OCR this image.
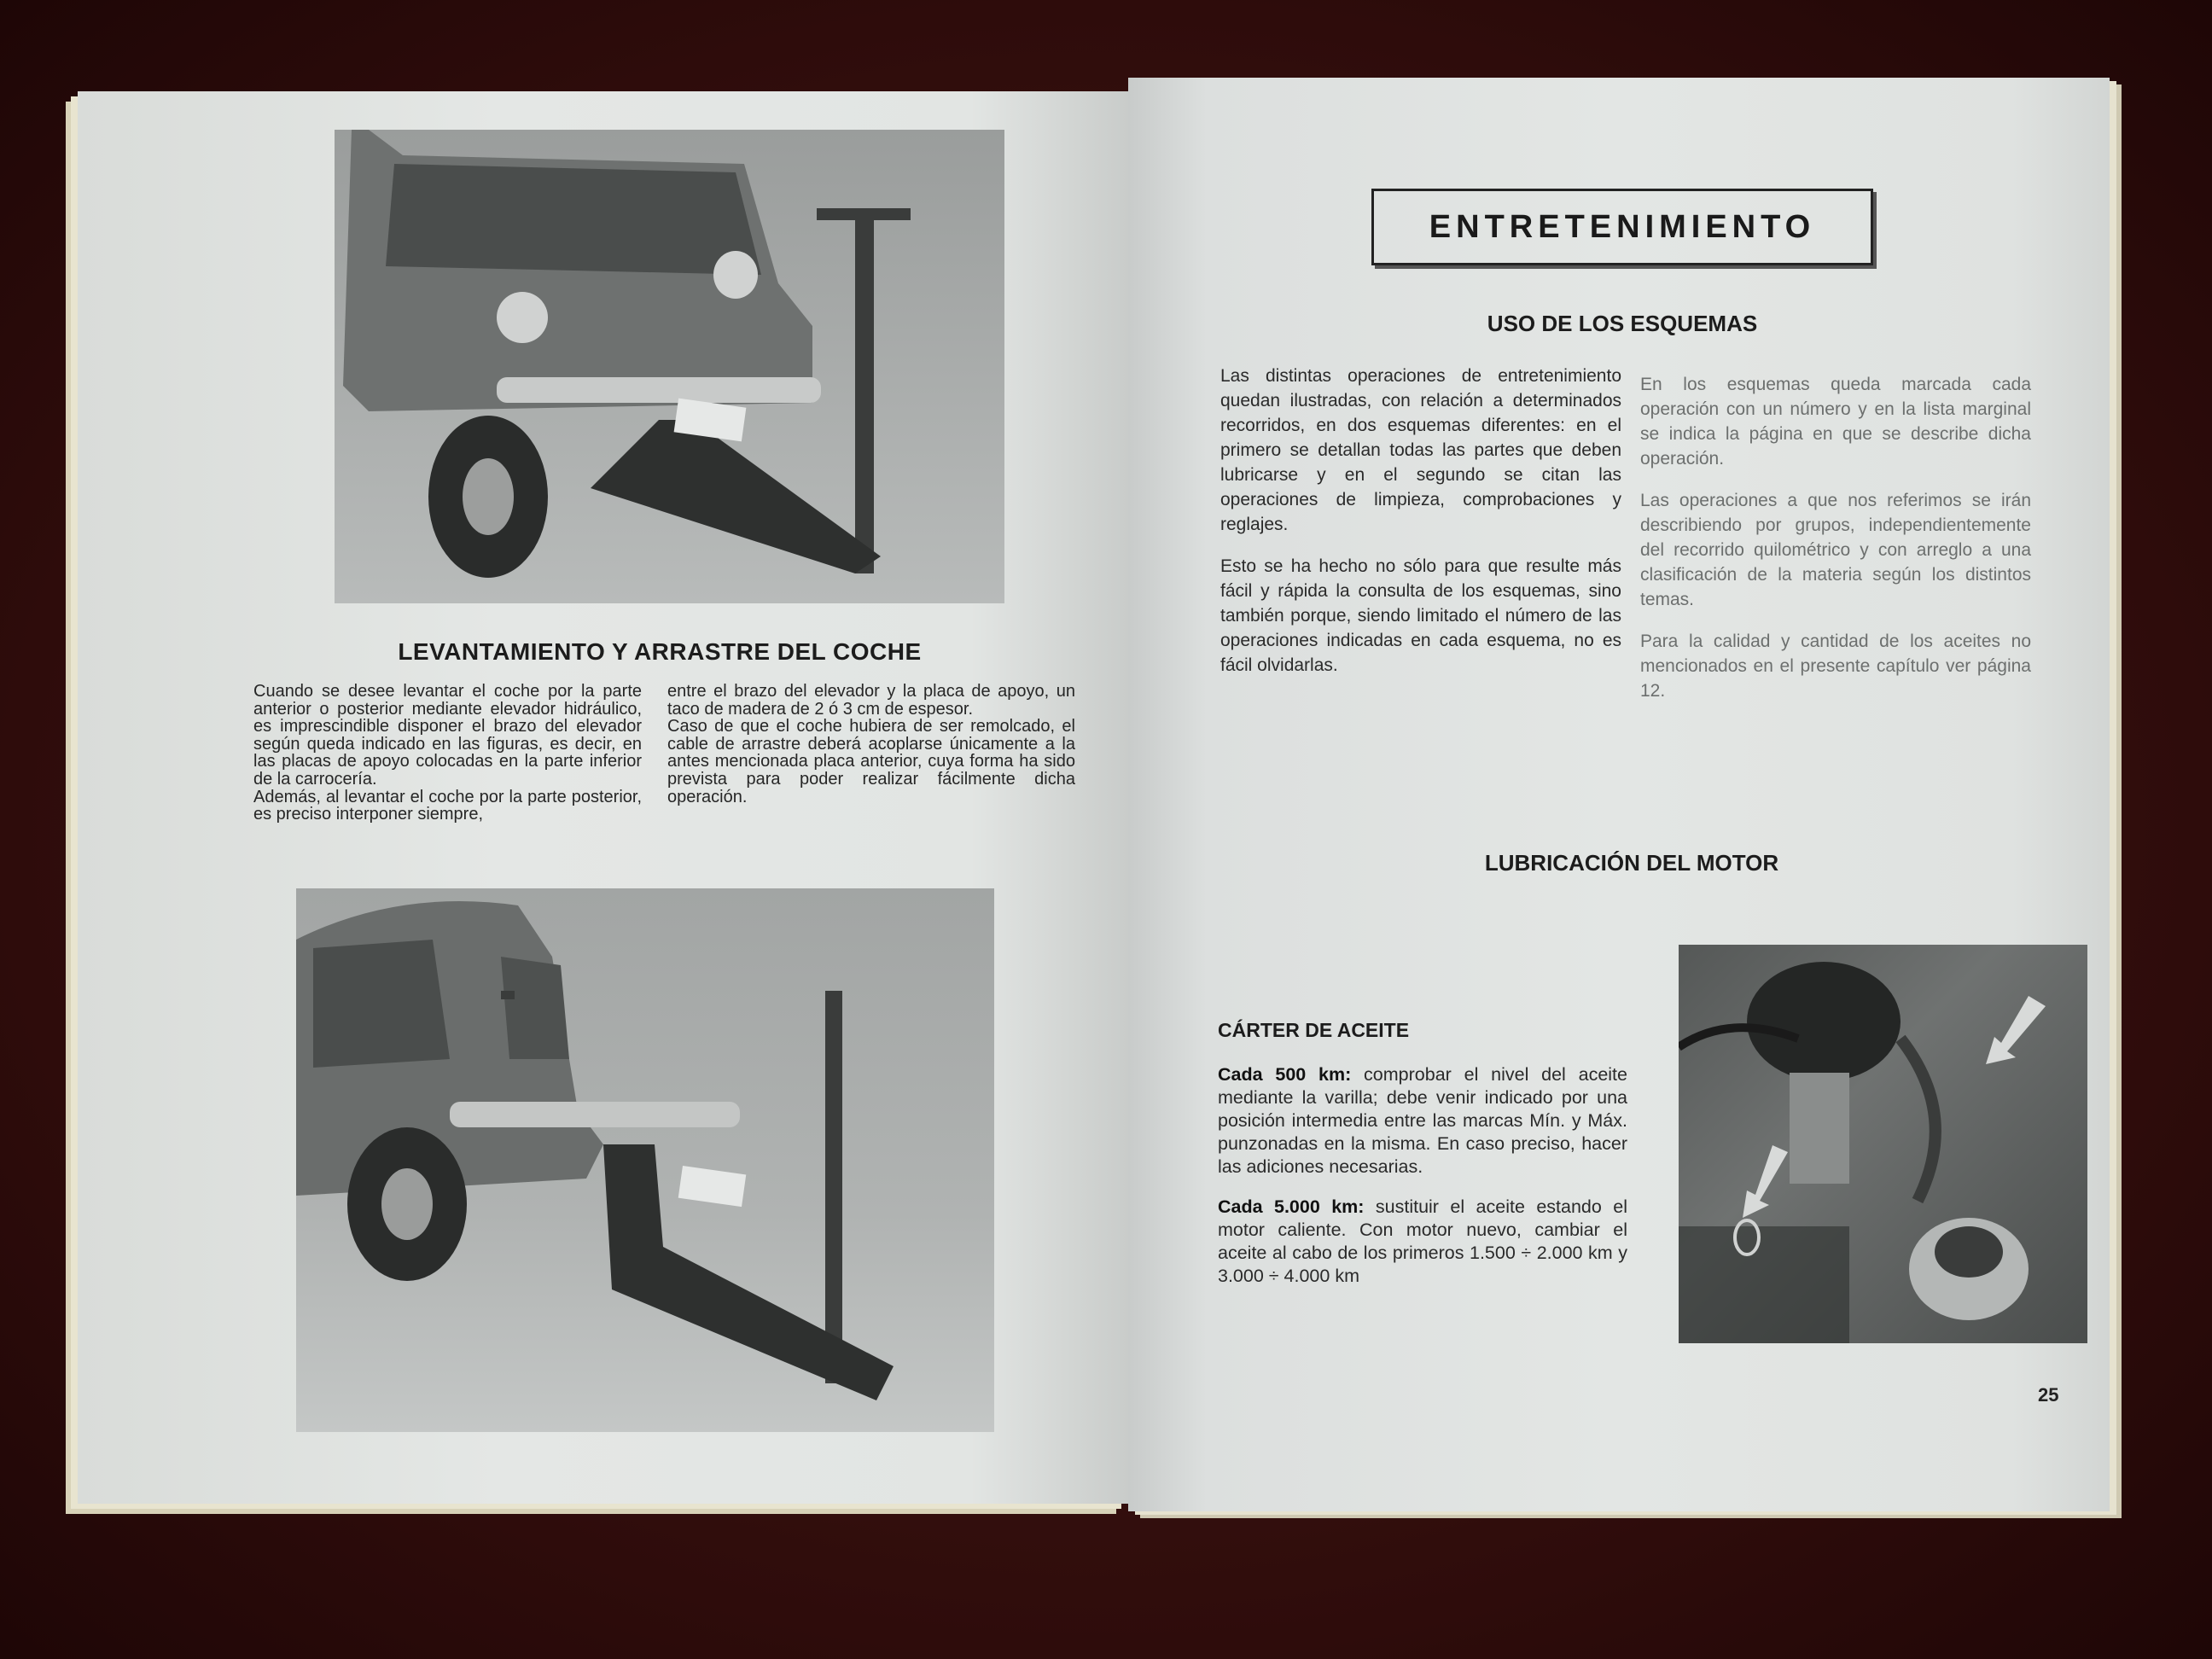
LEVANTAMIENTO Y ARRASTRE DEL COCHE

Cuando se desee levantar el coche por la parte anterior o posterior mediante elevador hidráulico, es imprescindible disponer el brazo del elevador según queda indicado en las figuras, es decir, en las placas de apoyo colocadas en la parte inferior de la carrocería.

Además, al levantar el coche por la parte posterior, es preciso interponer siempre,

entre el brazo del elevador y la placa de apoyo, un taco de madera de 2 ó 3 cm de espesor.

Caso de que el coche hubiera de ser remolcado, el cable de arrastre deberá acoplarse únicamente a la antes mencionada placa anterior, cuya forma ha sido prevista para poder realizar fácilmente dicha operación.

ENTRETENIMIENTO
USO DE LOS ESQUEMAS

Las distintas operaciones de entretenimiento quedan ilustradas, con relación a determinados recorridos, en dos esquemas diferentes: en el primero se detallan todas las partes que deben lubricarse y en el segundo se citan las operaciones de limpieza, comprobaciones y reglajes.

Esto se ha hecho no sólo para que resulte más fácil y rápida la consulta de los esquemas, sino también porque, siendo limitado el número de las operaciones indicadas en cada esquema, no es fácil olvidarlas.

En los esquemas queda marcada cada operación con un número y en la lista marginal se indica la página en que se describe dicha operación.

Las operaciones a que nos referimos se irán describiendo por grupos, independientemente del recorrido quilométrico y con arreglo a una clasificación de la materia según los distintos temas.

Para la calidad y cantidad de los aceites no mencionados en el presente capítulo ver página 12.

LUBRICACIÓN DEL MOTOR
CÁRTER DE ACEITE

Cada 500 km: comprobar el nivel del aceite mediante la varilla; debe venir indicado por una posición intermedia entre las marcas Mín. y Máx. punzonadas en la misma. En caso preciso, hacer las adiciones necesarias.

Cada 5.000 km: sustituir el aceite estando el motor caliente. Con motor nuevo, cambiar el aceite al cabo de los primeros 1.500 ÷ 2.000 km y 3.000 ÷ 4.000 km

25
